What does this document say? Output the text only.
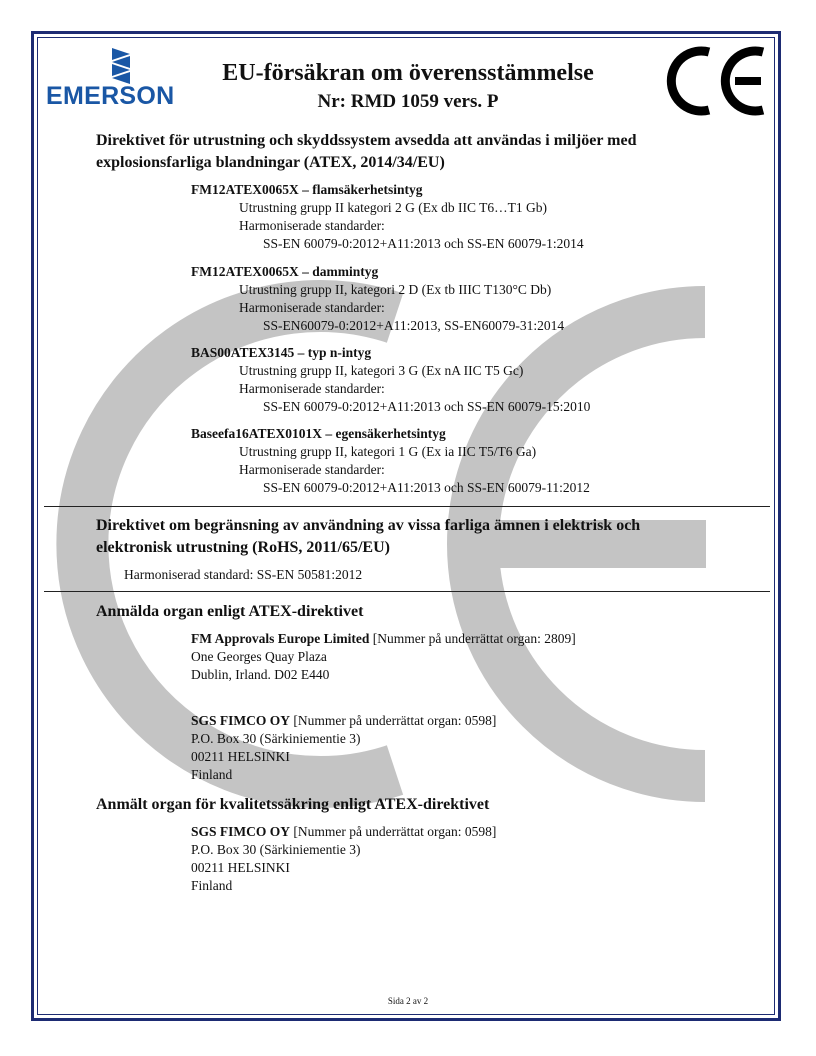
EMERSON
EU-försäkran om överensstämmelse
Nr: RMD 1059 vers. P
Direktivet för utrustning och skyddssystem avsedda att användas i miljöer med
explosionsfarliga blandningar (ATEX, 2014/34/EU)
FM12ATEX0065X – flamsäkerhetsintyg
Utrustning grupp II kategori 2 G (Ex db IIC T6…T1 Gb)
Harmoniserade standarder:
SS-EN 60079-0:2012+A11:2013 och SS-EN 60079-1:2014
FM12ATEX0065X – dammintyg
Utrustning grupp II, kategori 2 D (Ex tb IIIC T130°C Db)
Harmoniserade standarder:
SS-EN60079-0:2012+A11:2013, SS-EN60079-31:2014
BAS00ATEX3145 – typ n-intyg
Utrustning grupp II, kategori 3 G (Ex nA IIC T5 Gc)
Harmoniserade standarder:
SS-EN 60079-0:2012+A11:2013 och SS-EN 60079-15:2010
Baseefa16ATEX0101X – egensäkerhetsintyg
Utrustning grupp II, kategori 1 G (Ex ia IIC T5/T6 Ga)
Harmoniserade standarder:
SS-EN 60079-0:2012+A11:2013 och SS-EN 60079-11:2012
Direktivet om begränsning av användning av vissa farliga ämnen i elektrisk och
elektronisk utrustning (RoHS, 2011/65/EU)
Harmoniserad standard: SS-EN 50581:2012
Anmälda organ enligt ATEX-direktivet
FM Approvals Europe Limited [Nummer på underrättat organ: 2809]
One Georges Quay Plaza
Dublin, Irland. D02 E440
SGS FIMCO OY [Nummer på underrättat organ: 0598]
P.O. Box 30 (Särkiniementie 3)
00211 HELSINKI
Finland
Anmält organ för kvalitetssäkring enligt ATEX-direktivet
SGS FIMCO OY [Nummer på underrättat organ: 0598]
P.O. Box 30 (Särkiniementie 3)
00211 HELSINKI
Finland
Sida 2 av 2
